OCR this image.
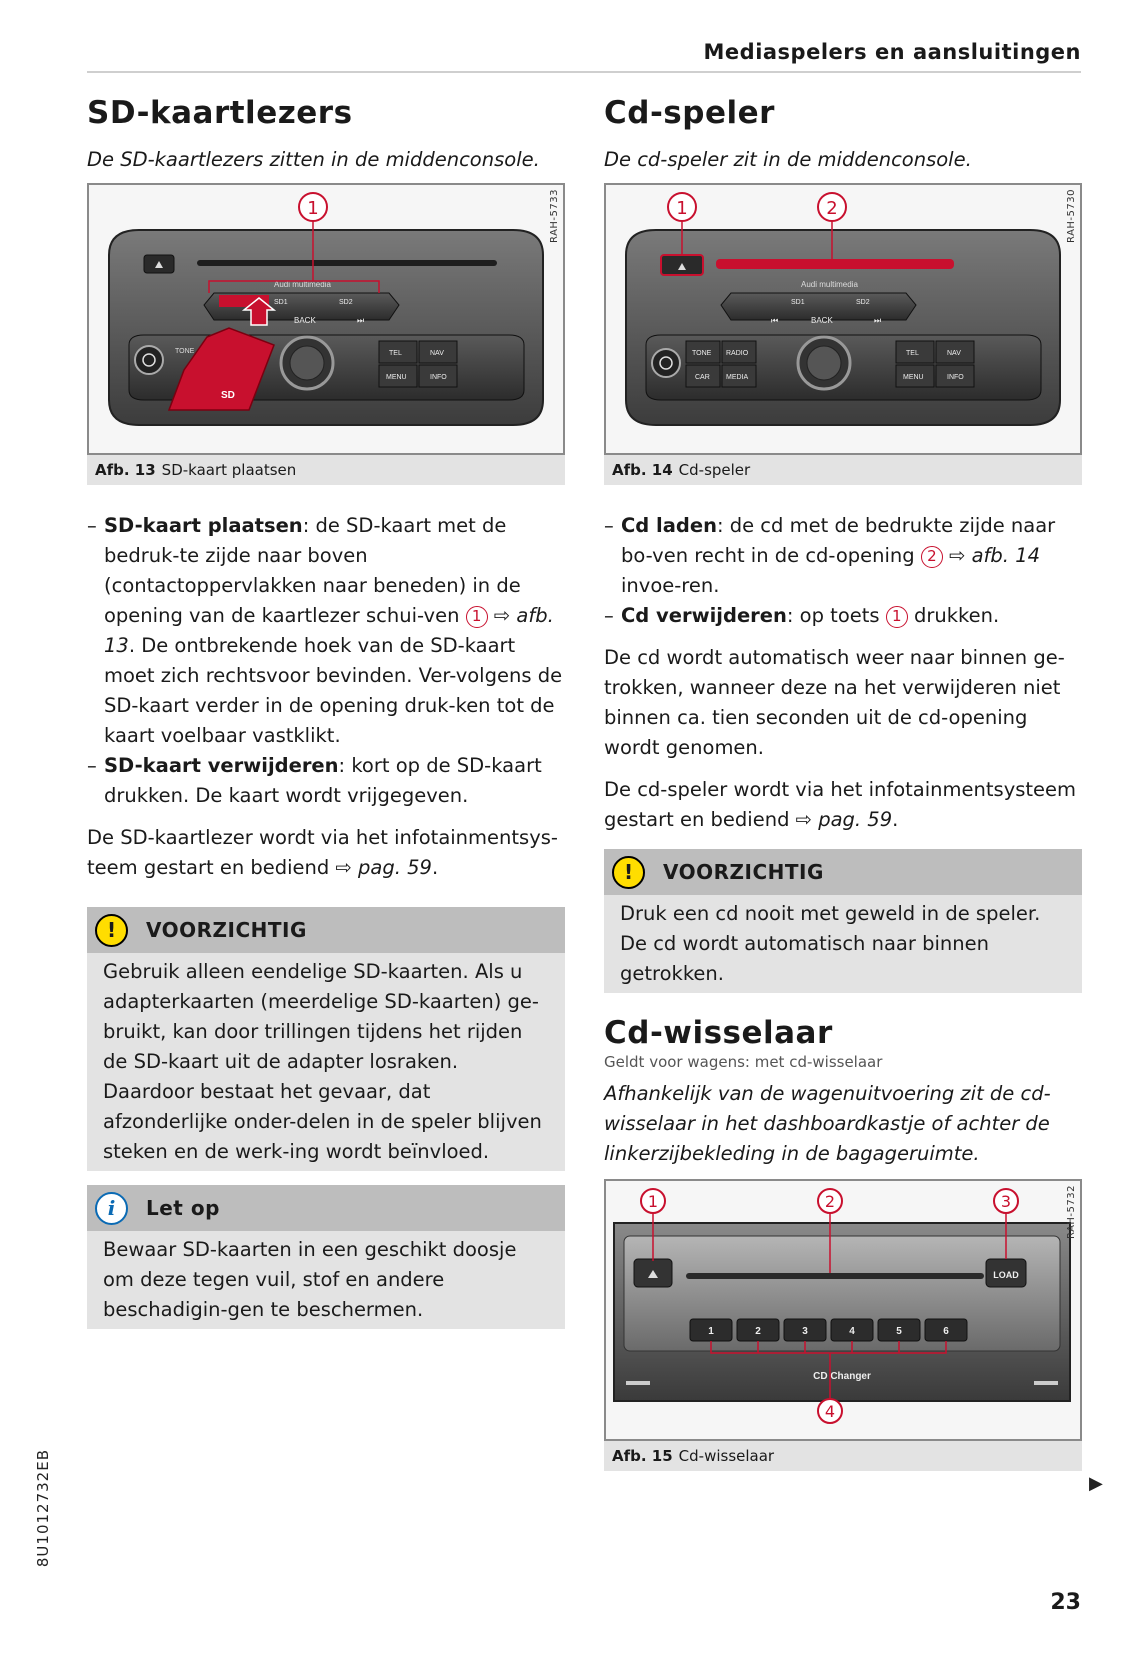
Mediaspelers en aansluitingen
SD-kaartlezers

De SD-kaartlezers zitten in de middenconsole.

Audi multimedia
SD1	SD2
BACK	⏭
TONE	TEL	NAV
MENU	INFO
SD
1	RAH-5733
Afb. 13 SD-kaart plaatsen
– SD-kaart plaatsen: de SD-kaart met de bedruk-te zijde naar boven (contactoppervlakken naar beneden) in de opening van de kaartlezer schui-ven 1 ⇨ afb. 13. De ontbrekende hoek van de SD-kaart moet zich rechtsvoor bevinden. Ver-volgens de SD-kaart verder in de opening druk-ken tot de kaart voelbaar vastklikt.
– SD-kaart verwijderen: kort op de SD-kaart drukken. De kaart wordt vrijgegeven.

De SD-kaartlezer wordt via het infotainmentsys-teem gestart en bediend ⇨ pag. 59.

!	VOORZICHTIG
Gebruik alleen eendelige SD-kaarten. Als u adapterkaarten (meerdelige SD-kaarten) ge-bruikt, kan door trillingen tijdens het rijden de SD-kaart uit de adapter losraken. Daardoor bestaat het gevaar, dat afzonderlijke onder-delen in de speler blijven steken en de werk-ing wordt beïnvloed.
i	Let op
Bewaar SD-kaarten in een geschikt doosje om deze tegen vuil, stof en andere beschadigin-gen te beschermen.
Cd-speler

De cd-speler zit in de middenconsole.

Audi multimedia
SD1	SD2
⏮	BACK	⏭
TONE RADIO
CAR MEDIA
TEL	NAV
MENU	INFO
1	2	RAH-5730
Afb. 14 Cd-speler
– Cd laden: de cd met de bedrukte zijde naar bo-ven recht in de cd-opening 2 ⇨ afb. 14 invoe-ren.
– Cd verwijderen: op toets 1 drukken.

De cd wordt automatisch weer naar binnen ge-trokken, wanneer deze na het verwijderen niet binnen ca. tien seconden uit de cd-opening wordt genomen.

De cd-speler wordt via het infotainmentsysteem gestart en bediend ⇨ pag. 59.

!	VOORZICHTIG
Druk een cd nooit met geweld in de speler. De cd wordt automatisch naar binnen getrokken.
Cd-wisselaar

Geldt voor wagens: met cd-wisselaar

Afhankelijk van de wagenuitvoering zit de cd-wisselaar in het dashboardkastje of achter de linkerzijbekleding in de bagageruimte.

LOAD
1	2	3	4	5	6
CD Changer
1	2	3
4
RAH-5732
Afb. 15 Cd-wisselaar
▶
8U1012732EB
23
